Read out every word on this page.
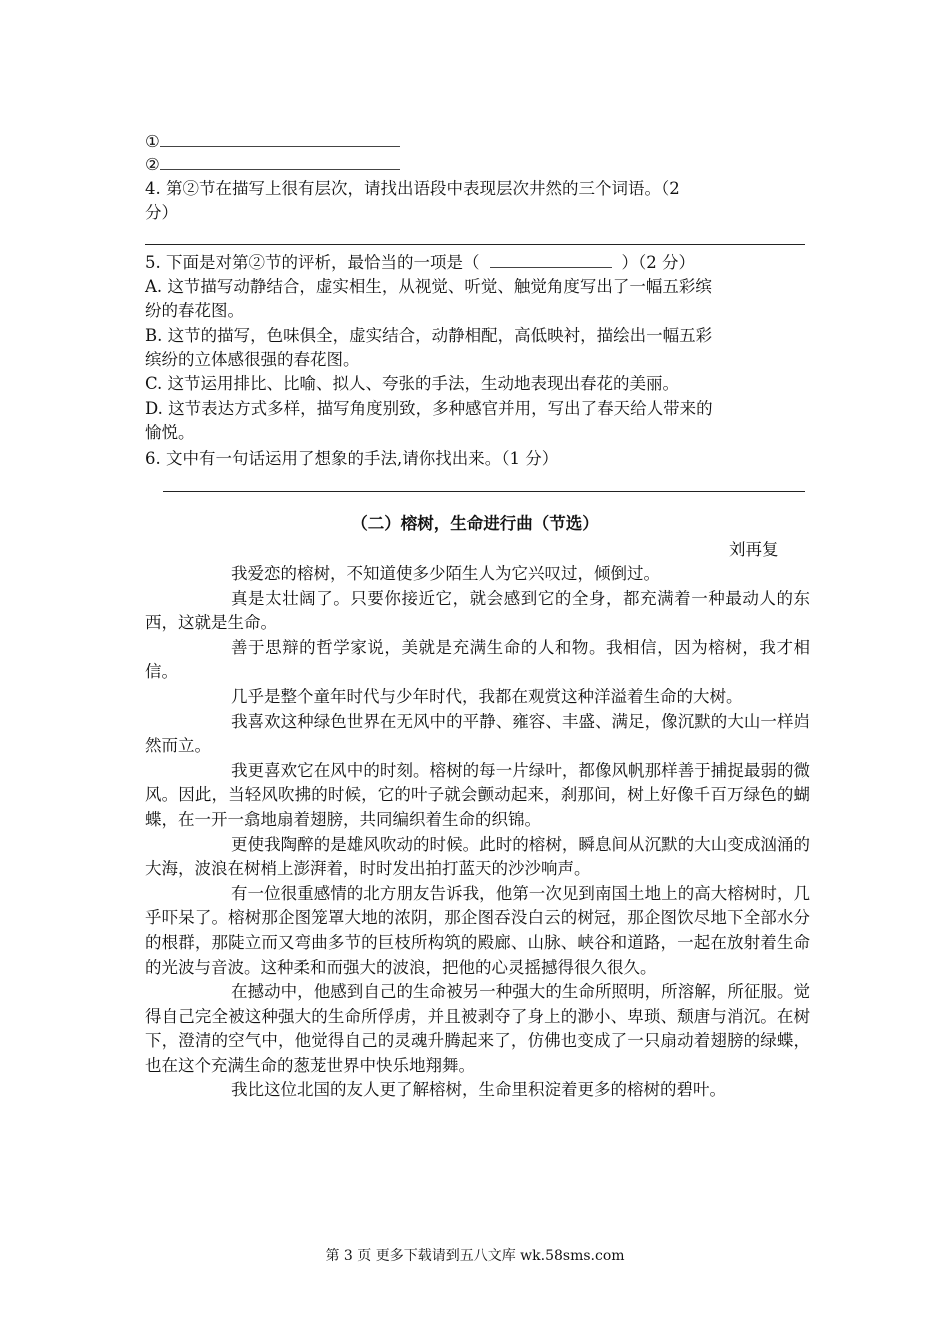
①
②
4. 第②节在描写上很有层次，请找出语段中表现层次井然的三个词语。（2
分）
5. 下面是对第②节的评析，最恰当的一项是（	）（2 分）
A. 这节描写动静结合，虚实相生，从视觉、听觉、触觉角度写出了一幅五彩缤
纷的春花图。
B. 这节的描写，色味俱全，虚实结合，动静相配，高低映衬，描绘出一幅五彩
缤纷的立体感很强的春花图。
C. 这节运用排比、比喻、拟人、夸张的手法，生动地表现出春花的美丽。
D. 这节表达方式多样，描写角度别致，多种感官并用，写出了春天给人带来的
愉悦。
6. 文中有一句话运用了想象的手法,请你找出来。（1 分）
（二）榕树，生命进行曲（节选）
刘再复

我爱恋的榕树，不知道使多少陌生人为它兴叹过，倾倒过。

真是太壮阔了。只要你接近它，就会感到它的全身，都充满着一种最动人的东西，这就是生命。

善于思辩的哲学家说，美就是充满生命的人和物。我相信，因为榕树，我才相信。

几乎是整个童年时代与少年时代，我都在观赏这种洋溢着生命的大树。

我喜欢这种绿色世界在无风中的平静、雍容、丰盛、满足，像沉默的大山一样岿然而立。

我更喜欢它在风中的时刻。榕树的每一片绿叶，都像风帆那样善于捕捉最弱的微风。因此，当轻风吹拂的时候，它的叶子就会颤动起来，刹那间，树上好像千百万绿色的蝴蝶，在一开一翕地扇着翅膀，共同编织着生命的织锦。

更使我陶醉的是雄风吹动的时候。此时的榕树，瞬息间从沉默的大山变成汹涌的大海，波浪在树梢上澎湃着，时时发出拍打蓝天的沙沙响声。

有一位很重感情的北方朋友告诉我，他第一次见到南国土地上的高大榕树时，几乎吓呆了。榕树那企图笼罩大地的浓阴，那企图吞没白云的树冠，那企图饮尽地下全部水分的根群，那陡立而又弯曲多节的巨枝所构筑的殿廊、山脉、峡谷和道路，一起在放射着生命的光波与音波。这种柔和而强大的波浪，把他的心灵摇撼得很久很久。

在撼动中，他感到自己的生命被另一种强大的生命所照明，所溶解，所征服。觉得自己完全被这种强大的生命所俘虏，并且被剥夺了身上的渺小、卑琐、颓唐与消沉。在树下，澄清的空气中，他觉得自己的灵魂升腾起来了，仿佛也变成了一只扇动着翅膀的绿蝶，也在这个充满生命的葱茏世界中快乐地翔舞。

我比这位北国的友人更了解榕树，生命里积淀着更多的榕树的碧叶。

第 3 页 更多下载请到五八文库 wk.58sms.com
